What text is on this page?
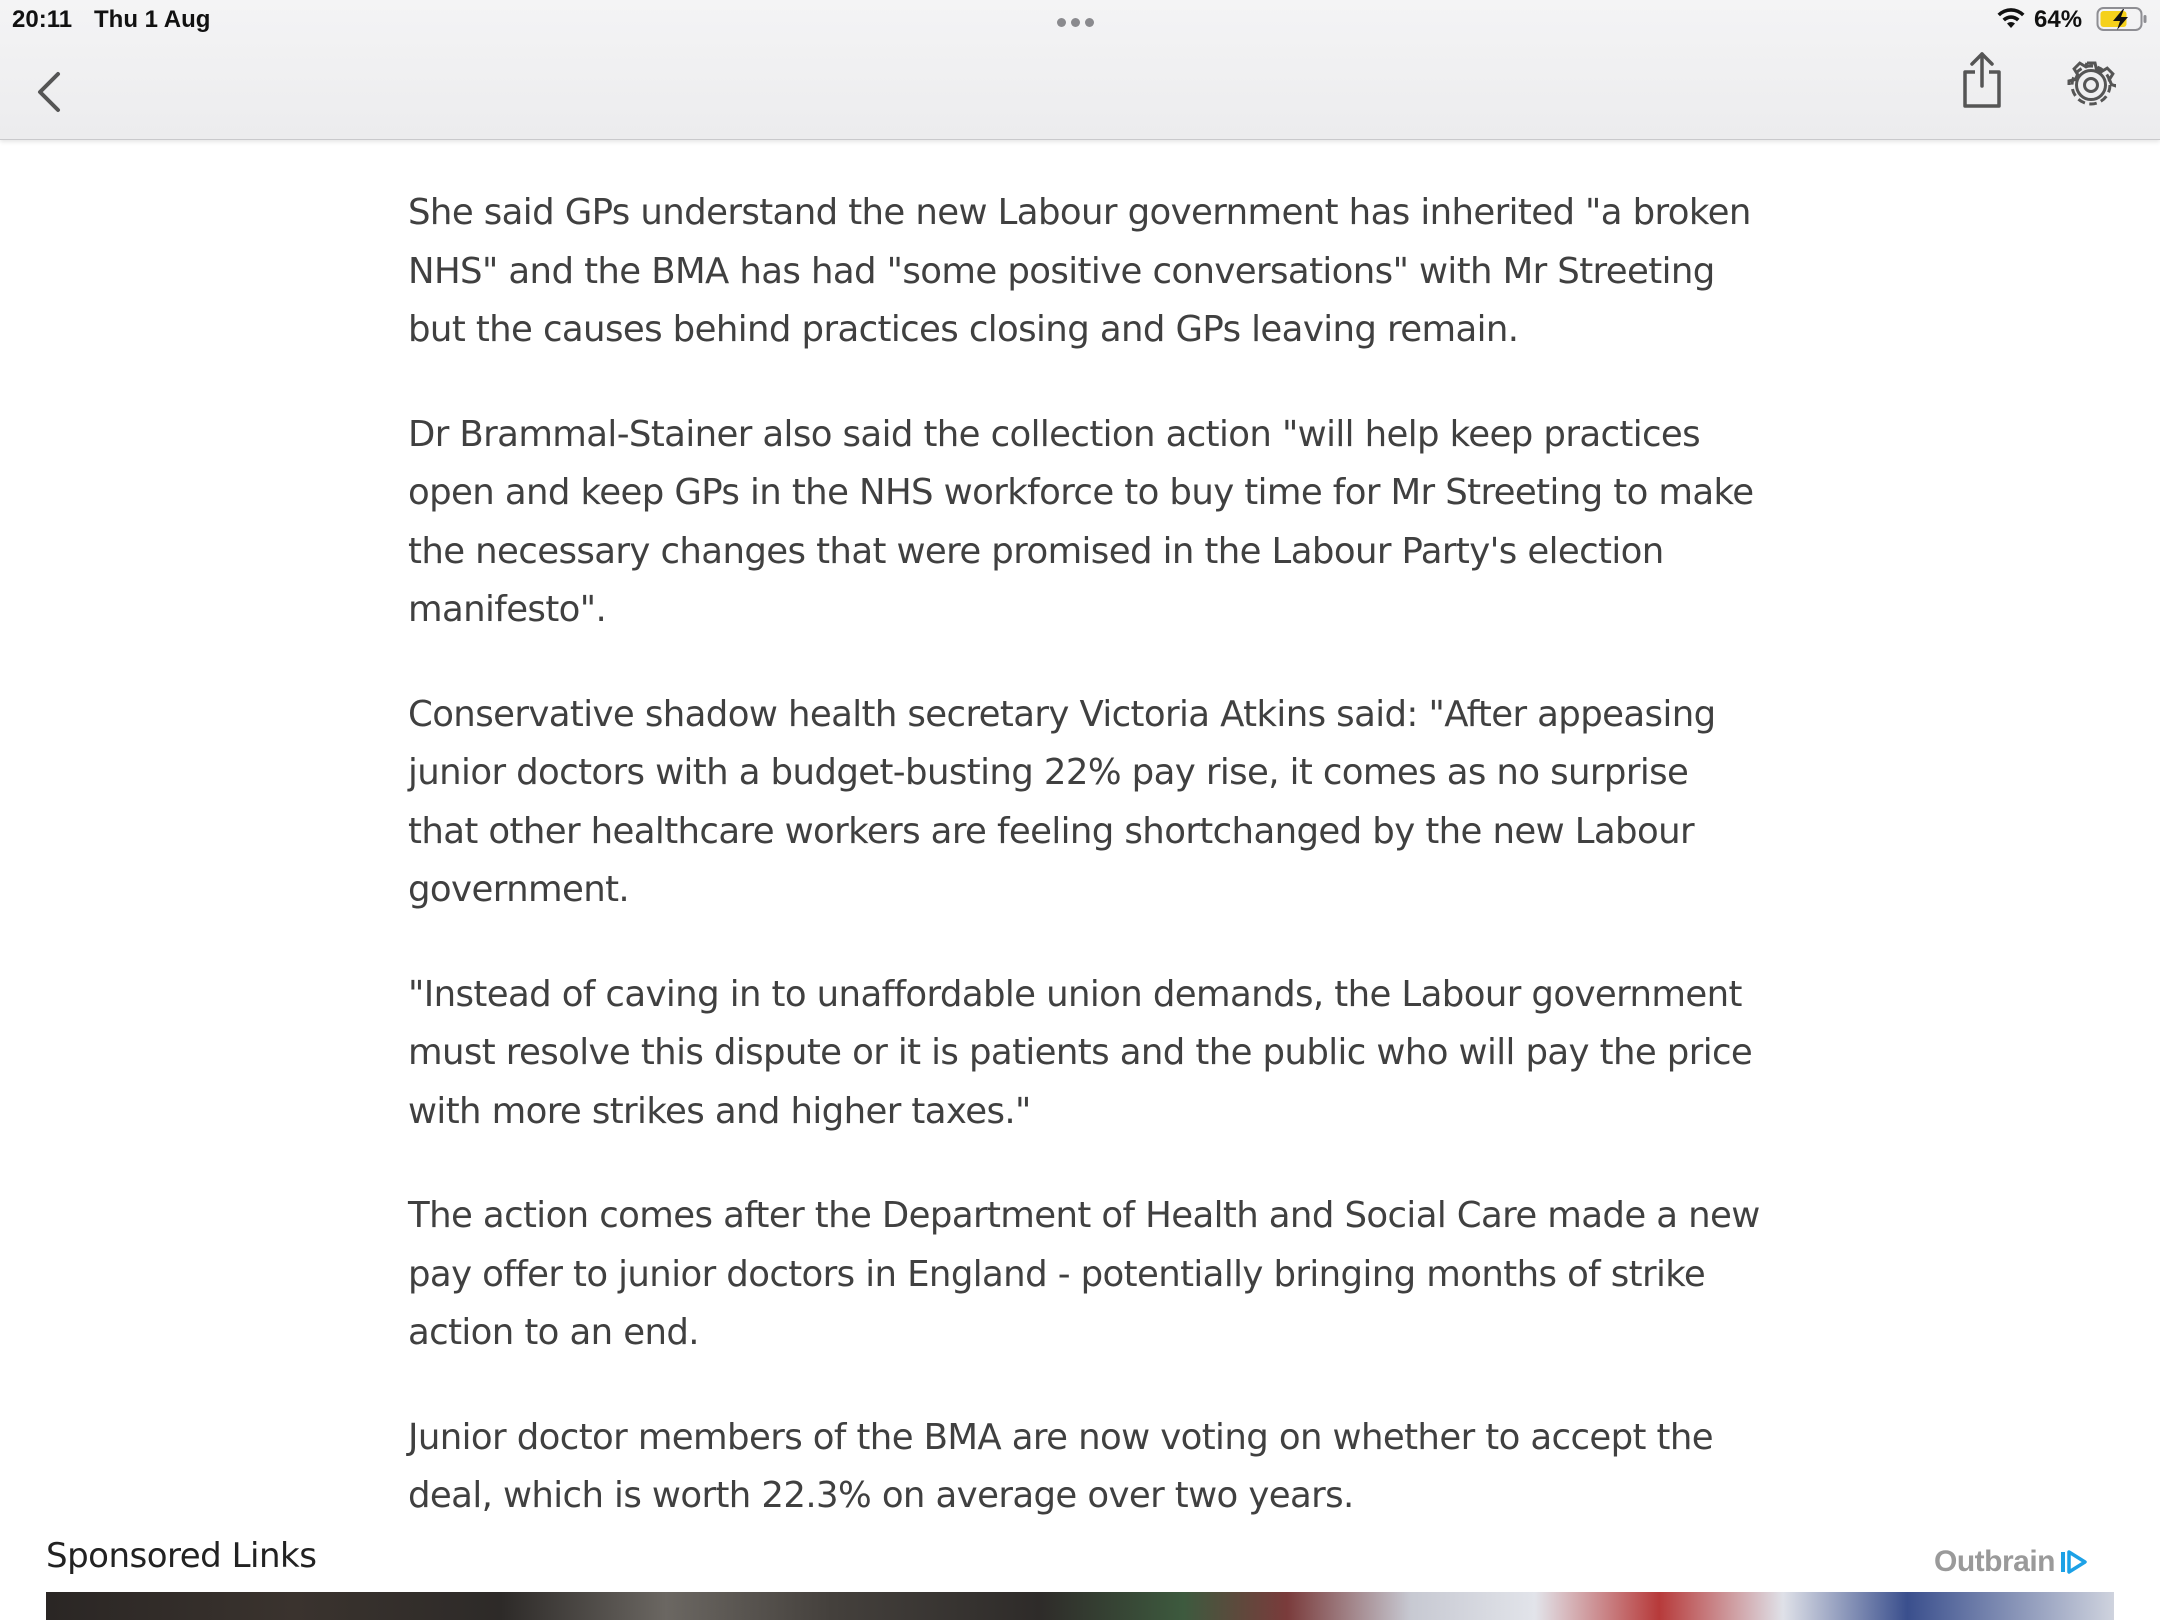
20:11 Thu 1 Aug	64%

She said GPs understand the new Labour government has inherited "a broken NHS" and the BMA has had "some positive conversations" with Mr Streeting but the causes behind practices closing and GPs leaving remain.

Dr Brammal-Stainer also said the collection action "will help keep practices open and keep GPs in the NHS workforce to buy time for Mr Streeting to make the necessary changes that were promised in the Labour Party's election manifesto".

Conservative shadow health secretary Victoria Atkins said: "After appeasing junior doctors with a budget-busting 22% pay rise, it comes as no surprise that other healthcare workers are feeling shortchanged by the new Labour government.

"Instead of caving in to unaffordable union demands, the Labour government must resolve this dispute or it is patients and the public who will pay the price with more strikes and higher taxes."

The action comes after the Department of Health and Social Care made a new pay offer to junior doctors in England - potentially bringing months of strike action to an end.

Junior doctor members of the BMA are now voting on whether to accept the deal, which is worth 22.3% on average over two years.

Sponsored Links	Outbrain
